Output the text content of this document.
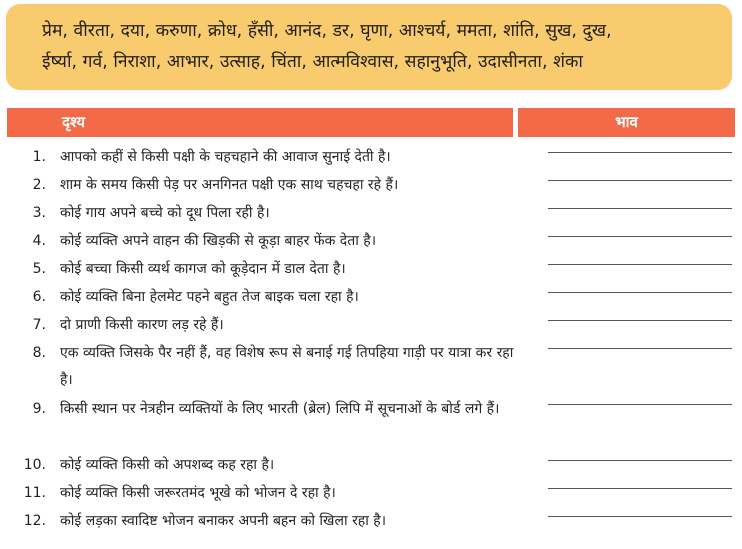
प्रेम, वीरता, दया, करुणा, क्रोध, हँसी, आनंद, डर, घृणा, आश्चर्य, ममता, शांति, सुख, दुख,
ईर्ष्या, गर्व, निराशा, आभार, उत्साह, चिंता, आत्मविश्वास, सहानुभूति, उदासीनता, शंका
दृश्य	भाव
1. आपको कहीं से किसी पक्षी के चहचहाने की आवाज सुनाई देती है।
2. शाम के समय किसी पेड़ पर अनगिनत पक्षी एक साथ चहचहा रहे हैं।
3. कोई गाय अपने बच्चे को दूध पिला रही है।
4. कोई व्यक्ति अपने वाहन की खिड़की से कूड़ा बाहर फेंक देता है।
5. कोई बच्चा किसी व्यर्थ कागज को कूड़ेदान में डाल देता है।
6. कोई व्यक्ति बिना हेलमेट पहने बहुत तेज बाइक चला रहा है।
7. दो प्राणी किसी कारण लड़ रहे हैं।
8. एक व्यक्ति जिसके पैर नहीं हैं, वह विशेष रूप से बनाई गई तिपहिया गाड़ी पर यात्रा कर रहा है।
9. किसी स्थान पर नेत्रहीन व्यक्तियों के लिए भारती (ब्रेल) लिपि में सूचनाओं के बोर्ड लगे हैं।
10. कोई व्यक्ति किसी को अपशब्द कह रहा है।
11. कोई व्यक्ति किसी जरूरतमंद भूखे को भोजन दे रहा है।
12. कोई लड़का स्वादिष्ट भोजन बनाकर अपनी बहन को खिला रहा है।
